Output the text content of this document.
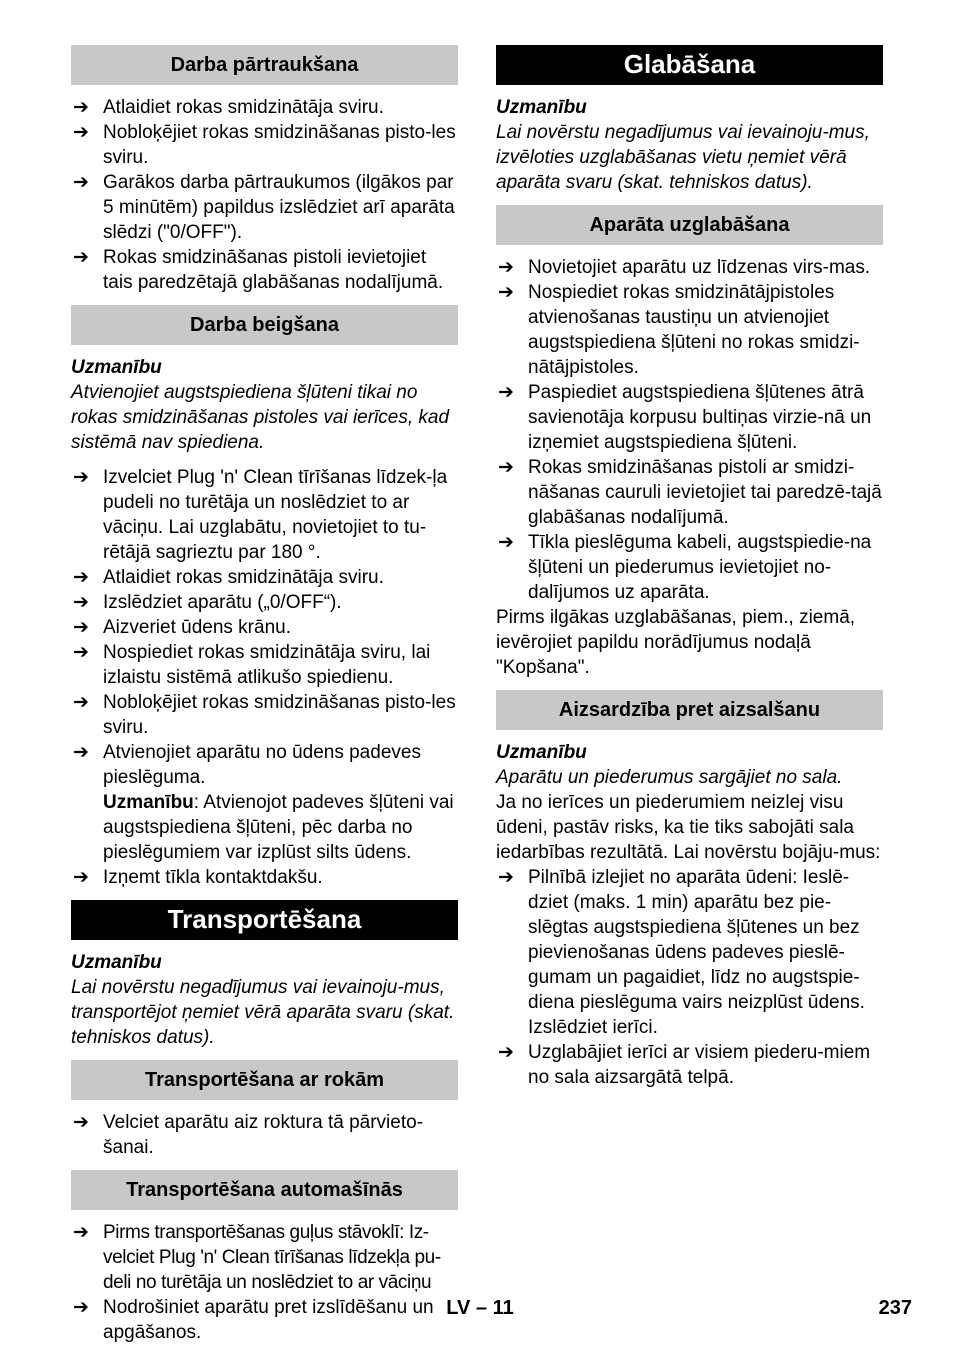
Darba pārtraukšana
➔ Atlaidiet rokas smidzinātāja sviru.
➔ Nobloķējiet rokas smidzināšanas pisto-les sviru.
➔ Garākos darba pārtraukumos (ilgākos par 5 minūtēm) papildus izslēdziet arī aparāta slēdzi ("0/OFF").
➔ Rokas smidzināšanas pistoli ievietojiet tais paredzētajā glabāšanas nodalījumā.
Darba beigšana
Uzmanību
Atvienojiet augstspiediena šļūteni tikai no rokas smidzināšanas pistoles vai ierīces, kad sistēmā nav spiediena.
➔ Izvelciet Plug 'n' Clean tīrīšanas līdzek-ļa pudeli no turētāja un noslēdziet to ar vāciņu. Lai uzglabātu, novietojiet to tu-rētājā sagrieztu par 180 °.
➔ Atlaidiet rokas smidzinātāja sviru.
➔ Izslēdziet aparātu („0/OFF“).
➔ Aizveriet ūdens krānu.
➔ Nospiediet rokas smidzinātāja sviru, lai izlaistu sistēmā atlikušo spiedienu.
➔ Nobloķējiet rokas smidzināšanas pisto-les sviru.
➔ Atvienojiet aparātu no ūdens padeves pieslēguma.
Uzmanību: Atvienojot padeves šļūteni vai augstspiediena šļūteni, pēc darba no pieslēgumiem var izplūst silts ūdens.
➔ Izņemt tīkla kontaktdakšu.
Transportēšana
Uzmanību
Lai novērstu negadījumus vai ievainoju-mus, transportējot ņemiet vērā aparāta svaru (skat. tehniskos datus).
Transportēšana ar rokām
➔ Velciet aparātu aiz roktura tā pārvieto-šanai.
Transportēšana automašīnās
➔ Pirms transportēšanas guļus stāvoklī: Iz-velciet Plug 'n' Clean tīrīšanas līdzekļa pu-deli no turētāja un noslēdziet to ar vāciņu
➔ Nodrošiniet aparātu pret izslīdēšanu un apgāšanos.
Glabāšana
Uzmanību
Lai novērstu negadījumus vai ievainoju-mus, izvēloties uzglabāšanas vietu ņemiet vērā aparāta svaru (skat. tehniskos datus).
Aparāta uzglabāšana
➔ Novietojiet aparātu uz līdzenas virs-mas.
➔ Nospiediet rokas smidzinātājpistoles atvienošanas taustiņu un atvienojiet augstspiediena šļūteni no rokas smidzi-nātājpistoles.
➔ Paspiediet augstspiediena šļūtenes ātrā savienotāja korpusu bultiņas virzie-nā un izņemiet augstspiediena šļūteni.
➔ Rokas smidzināšanas pistoli ar smidzi-nāšanas cauruli ievietojiet tai paredzē-tajā glabāšanas nodalījumā.
➔ Tīkla pieslēguma kabeli, augstspiedie-na šļūteni un piederumus ievietojiet no-dalījumos uz aparāta.

Pirms ilgākas uzglabāšanas, piem., ziemā, ievērojiet papildu norādījumus nodaļā "Kopšana".

Aizsardzība pret aizsalšanu
Uzmanību
Aparātu un piederumus sargājiet no sala.

Ja no ierīces un piederumiem neizlej visu ūdeni, pastāv risks, ka tie tiks sabojāti sala iedarbības rezultātā. Lai novērstu bojāju-mus:

➔ Pilnībā izlejiet no aparāta ūdeni: Ieslē-dziet (maks. 1 min) aparātu bez pie-slēgtas augstspiediena šļūtenes un bez pievienošanas ūdens padeves pieslē-gumam un pagaidiet, līdz no augstspie-diena pieslēguma vairs neizplūst ūdens. Izslēdziet ierīci.
➔ Uzglabājiet ierīci ar visiem piederu-miem no sala aizsargātā telpā.
LV – 11	237
